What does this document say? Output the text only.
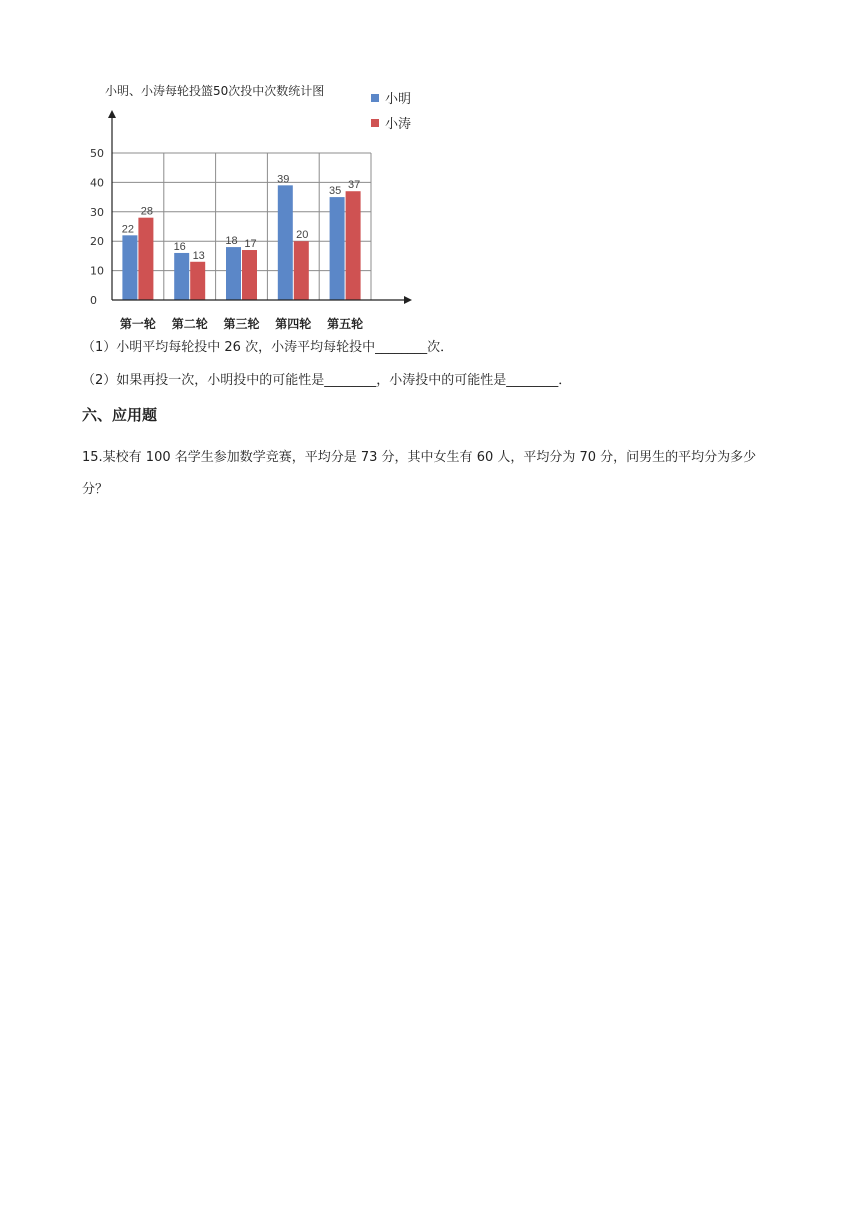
小明、小涛每轮投篮50次投中次数统计图
0
10
20
30
40
50
22
28
第一轮
16
13
第二轮
18 17
第三轮
39
20
第四轮
35 37
第五轮
小明
小涛
（1）小明平均每轮投中 26 次，小涛平均每轮投中________次．
（2）如果再投一次，小明投中的可能性是________，小涛投中的可能性是________．
六、应用题
15.某校有 100 名学生参加数学竞赛，平均分是 73 分，其中女生有 60 人，平均分为 70 分，问男生的平均分为多少分？
